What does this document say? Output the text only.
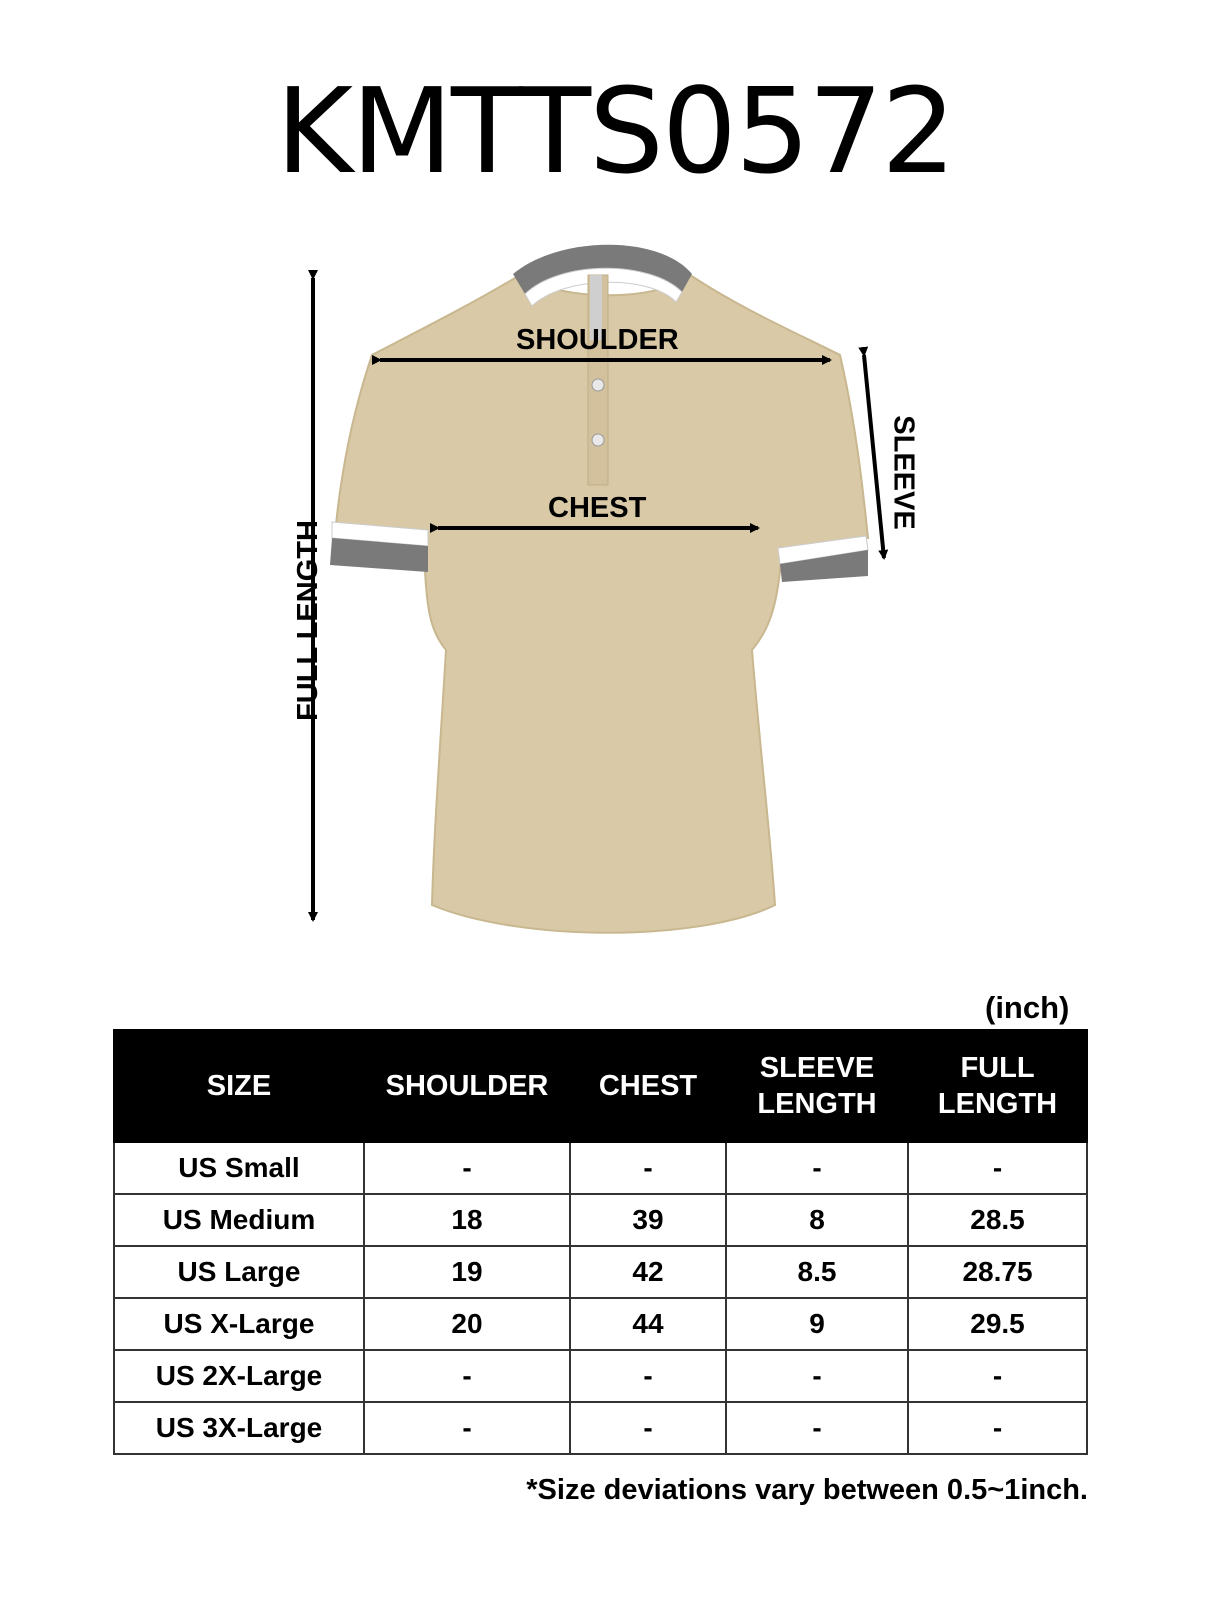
KMTTS0572
SHOULDER
CHEST	SLEEVE
FULL LENGTH
(inch)
SIZE	SHOULDER	CHEST	SLEEVE LENGTH	FULL LENGTH
US Small	-	-	-	-
US Medium	18	39	8	28.5
US Large	19	42	8.5	28.75
US X-Large	20	44	9	29.5
US 2X-Large	-	-	-	-
US 3X-Large	-	-	-	-
*Size deviations vary between 0.5~1inch.
